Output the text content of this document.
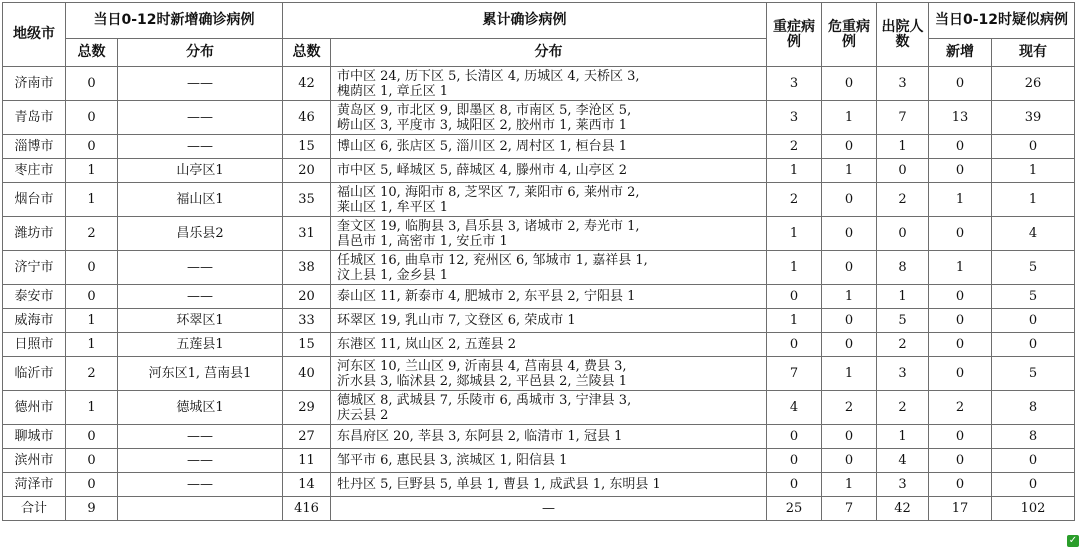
地级市	当日0-12时新增确诊病例		累计确诊病例		重症病例	危重病例	出院人数	当日0-12时疑似病例	
	总数	分布	总数	分布				新增	现有
济南市	0	——	42	市中区 24, 历下区 5, 长清区 4, 历城区 4, 天桥区 3,
槐荫区 1, 章丘区 1	3	0	3	0	26
青岛市	0	——	46	黄岛区 9, 市北区 9, 即墨区 8, 市南区 5, 李沧区 5,
崂山区 3, 平度市 3, 城阳区 2, 胶州市 1, 莱西市 1	3	1	7	13	39
淄博市	0	——	15	博山区 6, 张店区 5, 淄川区 2, 周村区 1, 桓台县 1	2	0	1	0	0
枣庄市	1	山亭区1	20	市中区 5, 峄城区 5, 薛城区 4, 滕州市 4, 山亭区 2	1	1	0	0	1
烟台市	1	福山区1	35	福山区 10, 海阳市 8, 芝罘区 7, 莱阳市 6, 莱州市 2,
莱山区 1, 牟平区 1	2	0	2	1	1
潍坊市	2	昌乐县2	31	奎文区 19, 临朐县 3, 昌乐县 3, 诸城市 2, 寿光市 1,
昌邑市 1, 高密市 1, 安丘市 1	1	0	0	0	4
济宁市	0	——	38	任城区 16, 曲阜市 12, 兖州区 6, 邹城市 1, 嘉祥县 1,
汶上县 1, 金乡县 1	1	0	8	1	5
泰安市	0	——	20	泰山区 11, 新泰市 4, 肥城市 2, 东平县 2, 宁阳县 1	0	1	1	0	5
威海市	1	环翠区1	33	环翠区 19, 乳山市 7, 文登区 6, 荣成市 1	1	0	5	0	0
日照市	1	五莲县1	15	东港区 11, 岚山区 2, 五莲县 2	0	0	2	0	0
临沂市	2	河东区1, 莒南县1	40	河东区 10, 兰山区 9, 沂南县 4, 莒南县 4, 费县 3,
沂水县 3, 临沭县 2, 郯城县 2, 平邑县 2, 兰陵县 1	7	1	3	0	5
德州市	1	德城区1	29	德城区 8, 武城县 7, 乐陵市 6, 禹城市 3, 宁津县 3,
庆云县 2	4	2	2	2	8
聊城市	0	——	27	东昌府区 20, 莘县 3, 东阿县 2, 临清市 1, 冠县 1	0	0	1	0	8
滨州市	0	——	11	邹平市 6, 惠民县 3, 滨城区 1, 阳信县 1	0	0	4	0	0
菏泽市	0	——	14	牡丹区 5, 巨野县 5, 单县 1, 曹县 1, 成武县 1, 东明县 1	0	1	3	0	0
合计	9		416	—	25	7	42	17	102
✓
